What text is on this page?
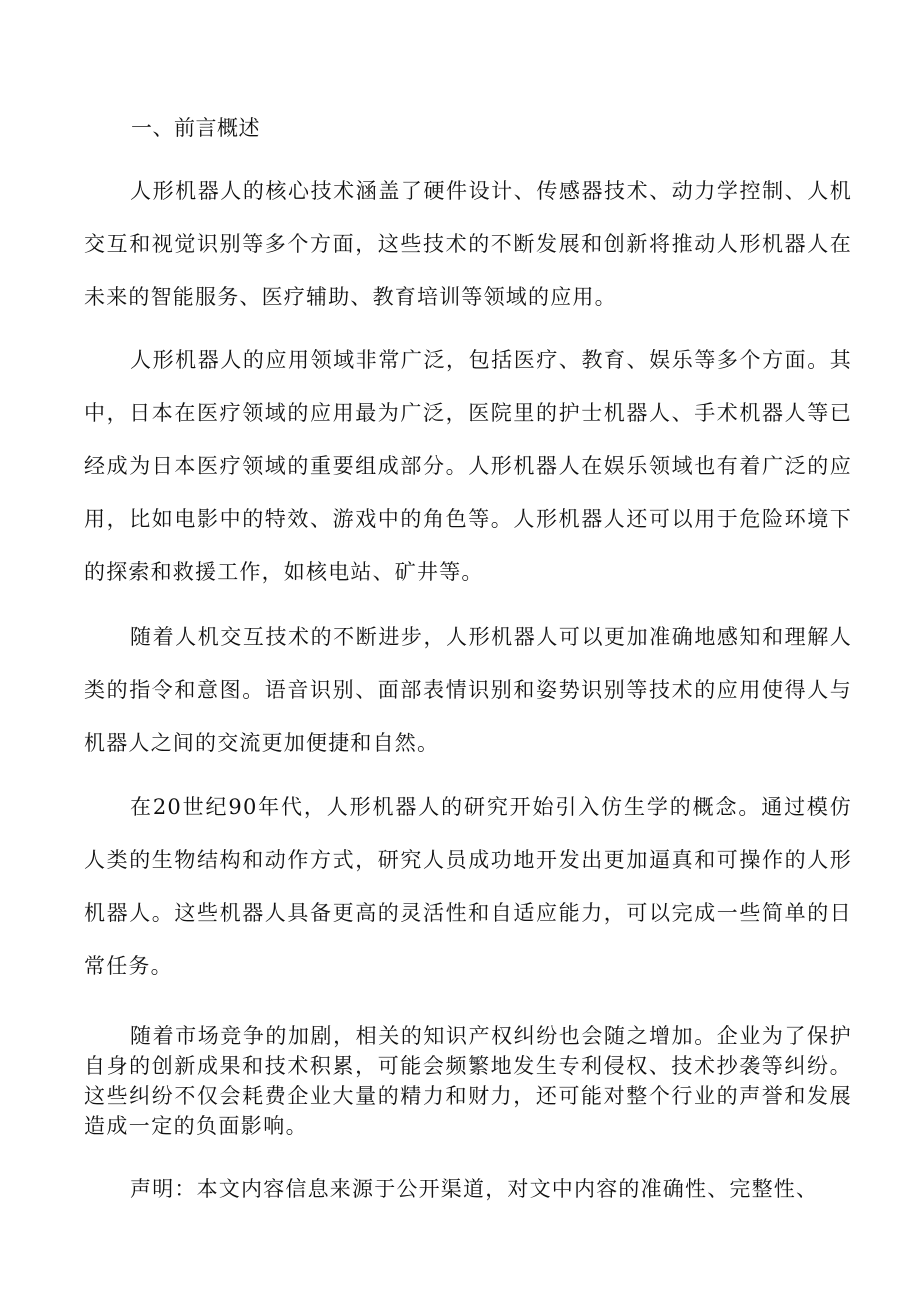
一、前言概述

人形机器人的核心技术涵盖了硬件设计、传感器技术、动力学控制、人机交互和视觉识别等多个方面，这些技术的不断发展和创新将推动人形机器人在未来的智能服务、医疗辅助、教育培训等领域的应用。

人形机器人的应用领域非常广泛，包括医疗、教育、娱乐等多个方面。其中，日本在医疗领域的应用最为广泛，医院里的护士机器人、手术机器人等已经成为日本医疗领域的重要组成部分。人形机器人在娱乐领域也有着广泛的应用，比如电影中的特效、游戏中的角色等。人形机器人还可以用于危险环境下的探索和救援工作，如核电站、矿井等。

随着人机交互技术的不断进步，人形机器人可以更加准确地感知和理解人类的指令和意图。语音识别、面部表情识别和姿势识别等技术的应用使得人与机器人之间的交流更加便捷和自然。

在20世纪90年代，人形机器人的研究开始引入仿生学的概念。通过模仿人类的生物结构和动作方式，研究人员成功地开发出更加逼真和可操作的人形机器人。这些机器人具备更高的灵活性和自适应能力，可以完成一些简单的日常任务。

随着市场竞争的加剧，相关的知识产权纠纷也会随之增加。企业为了保护自身的创新成果和技术积累，可能会频繁地发生专利侵权、技术抄袭等纠纷。这些纠纷不仅会耗费企业大量的精力和财力，还可能对整个行业的声誉和发展造成一定的负面影响。

声明：本文内容信息来源于公开渠道，对文中内容的准确性、完整性、
